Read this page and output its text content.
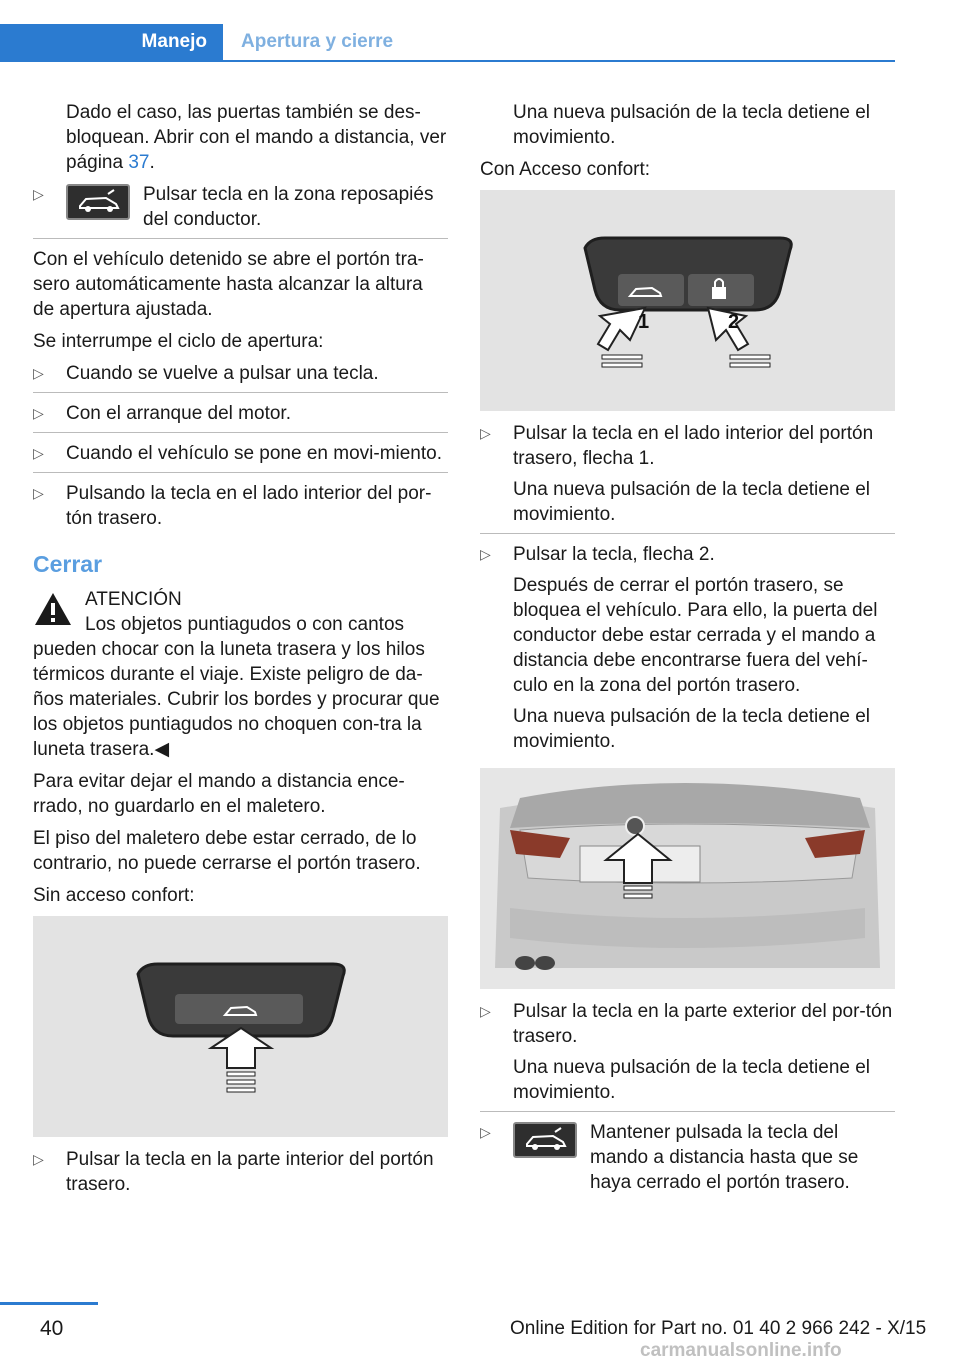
Manejo	Apertura y cierre

Dado el caso, las puertas también se des-bloquean. Abrir con el mando a distancia, ver página 37.

▷	Pulsar tecla en la zona reposapiés del conductor.

Con el vehículo detenido se abre el portón tra-sero automáticamente hasta alcanzar la altura de apertura ajustada.

Se interrumpe el ciclo de apertura:

▷ Cuando se vuelve a pulsar una tecla.
▷ Con el arranque del motor.
▷ Cuando el vehículo se pone en movi-miento.
▷ Pulsando la tecla en el lado interior del por-tón trasero.
Cerrar
ATENCIÓN

Los objetos puntiagudos o con cantos pueden chocar con la luneta trasera y los hilos térmicos durante el viaje. Existe peligro de da-ños materiales. Cubrir los bordes y procurar que los objetos puntiagudos no choquen con-tra la luneta trasera.◀

Para evitar dejar el mando a distancia ence-rrado, no guardarlo en el maletero.

El piso del maletero debe estar cerrado, de lo contrario, no puede cerrarse el portón trasero.

Sin acceso confort:

▷ Pulsar la tecla en la parte interior del portón trasero.

Una nueva pulsación de la tecla detiene el movimiento.

Con Acceso confort:

1	2
▷ Pulsar la tecla en el lado interior del portón trasero, flecha 1.
Una nueva pulsación de la tecla detiene el movimiento.
▷ Pulsar la tecla, flecha 2.
Después de cerrar el portón trasero, se bloquea el vehículo. Para ello, la puerta del conductor debe estar cerrada y el mando a distancia debe encontrarse fuera del vehí-culo en la zona del portón trasero.
Una nueva pulsación de la tecla detiene el movimiento.
▷ Pulsar la tecla en la parte exterior del por-tón trasero.
Una nueva pulsación de la tecla detiene el movimiento.
▷	Mantener pulsada la tecla del mando a distancia hasta que se haya cerrado el portón trasero.
40	Online Edition for Part no. 01 40 2 966 242 - X/15
carmanualsonline.info
